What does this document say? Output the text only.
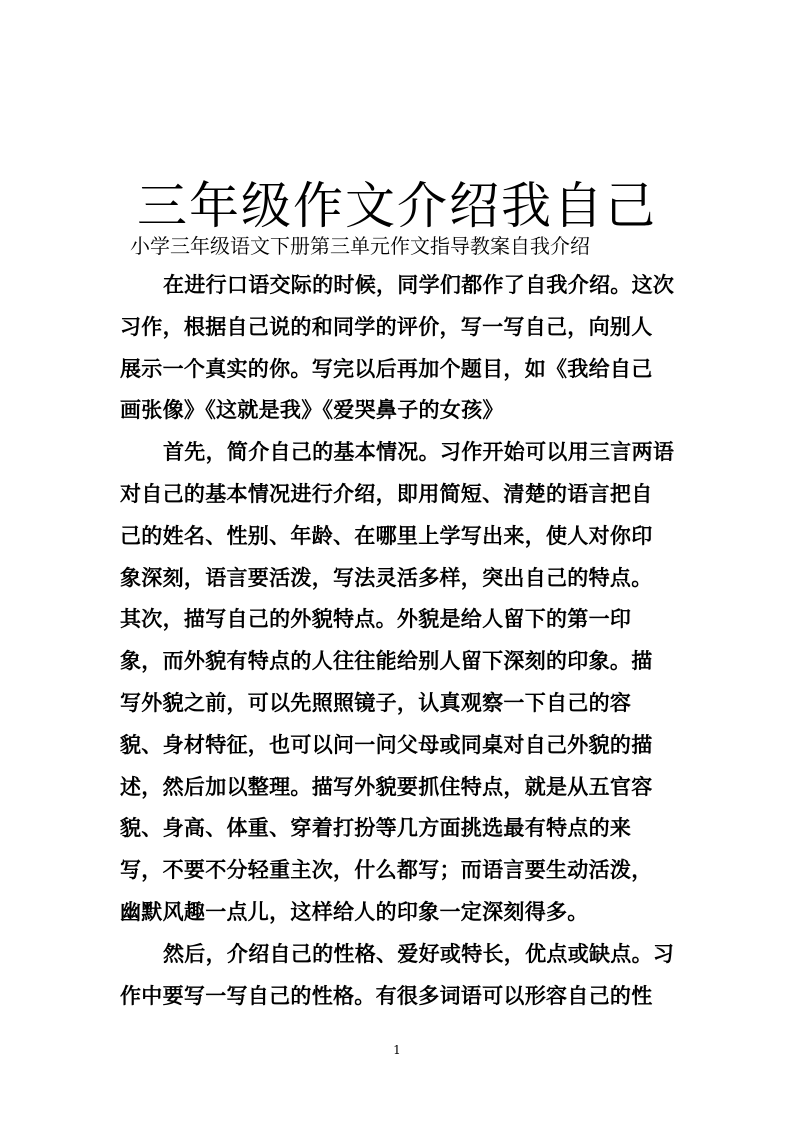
三年级作文介绍我自己
小学三年级语文下册第三单元作文指导教案自我介绍
在进行口语交际的时候，同学们都作了自我介绍。这次
习作，根据自己说的和同学的评价，写一写自己，向别人
展示一个真实的你。写完以后再加个题目，如《我给自己
画张像》《这就是我》《爱哭鼻子的女孩》
首先，简介自己的基本情况。习作开始可以用三言两语
对自己的基本情况进行介绍，即用简短、清楚的语言把自
己的姓名、性别、年龄、在哪里上学写出来，使人对你印
象深刻，语言要活泼，写法灵活多样，突出自己的特点。
其次，描写自己的外貌特点。外貌是给人留下的第一印
象，而外貌有特点的人往往能给别人留下深刻的印象。描
写外貌之前，可以先照照镜子，认真观察一下自己的容
貌、身材特征，也可以问一问父母或同桌对自己外貌的描
述，然后加以整理。描写外貌要抓住特点，就是从五官容
貌、身高、体重、穿着打扮等几方面挑选最有特点的来
写，不要不分轻重主次，什么都写；而语言要生动活泼，
幽默风趣一点儿，这样给人的印象一定深刻得多。
然后，介绍自己的性格、爱好或特长，优点或缺点。习
作中要写一写自己的性格。有很多词语可以形容自己的性
1
